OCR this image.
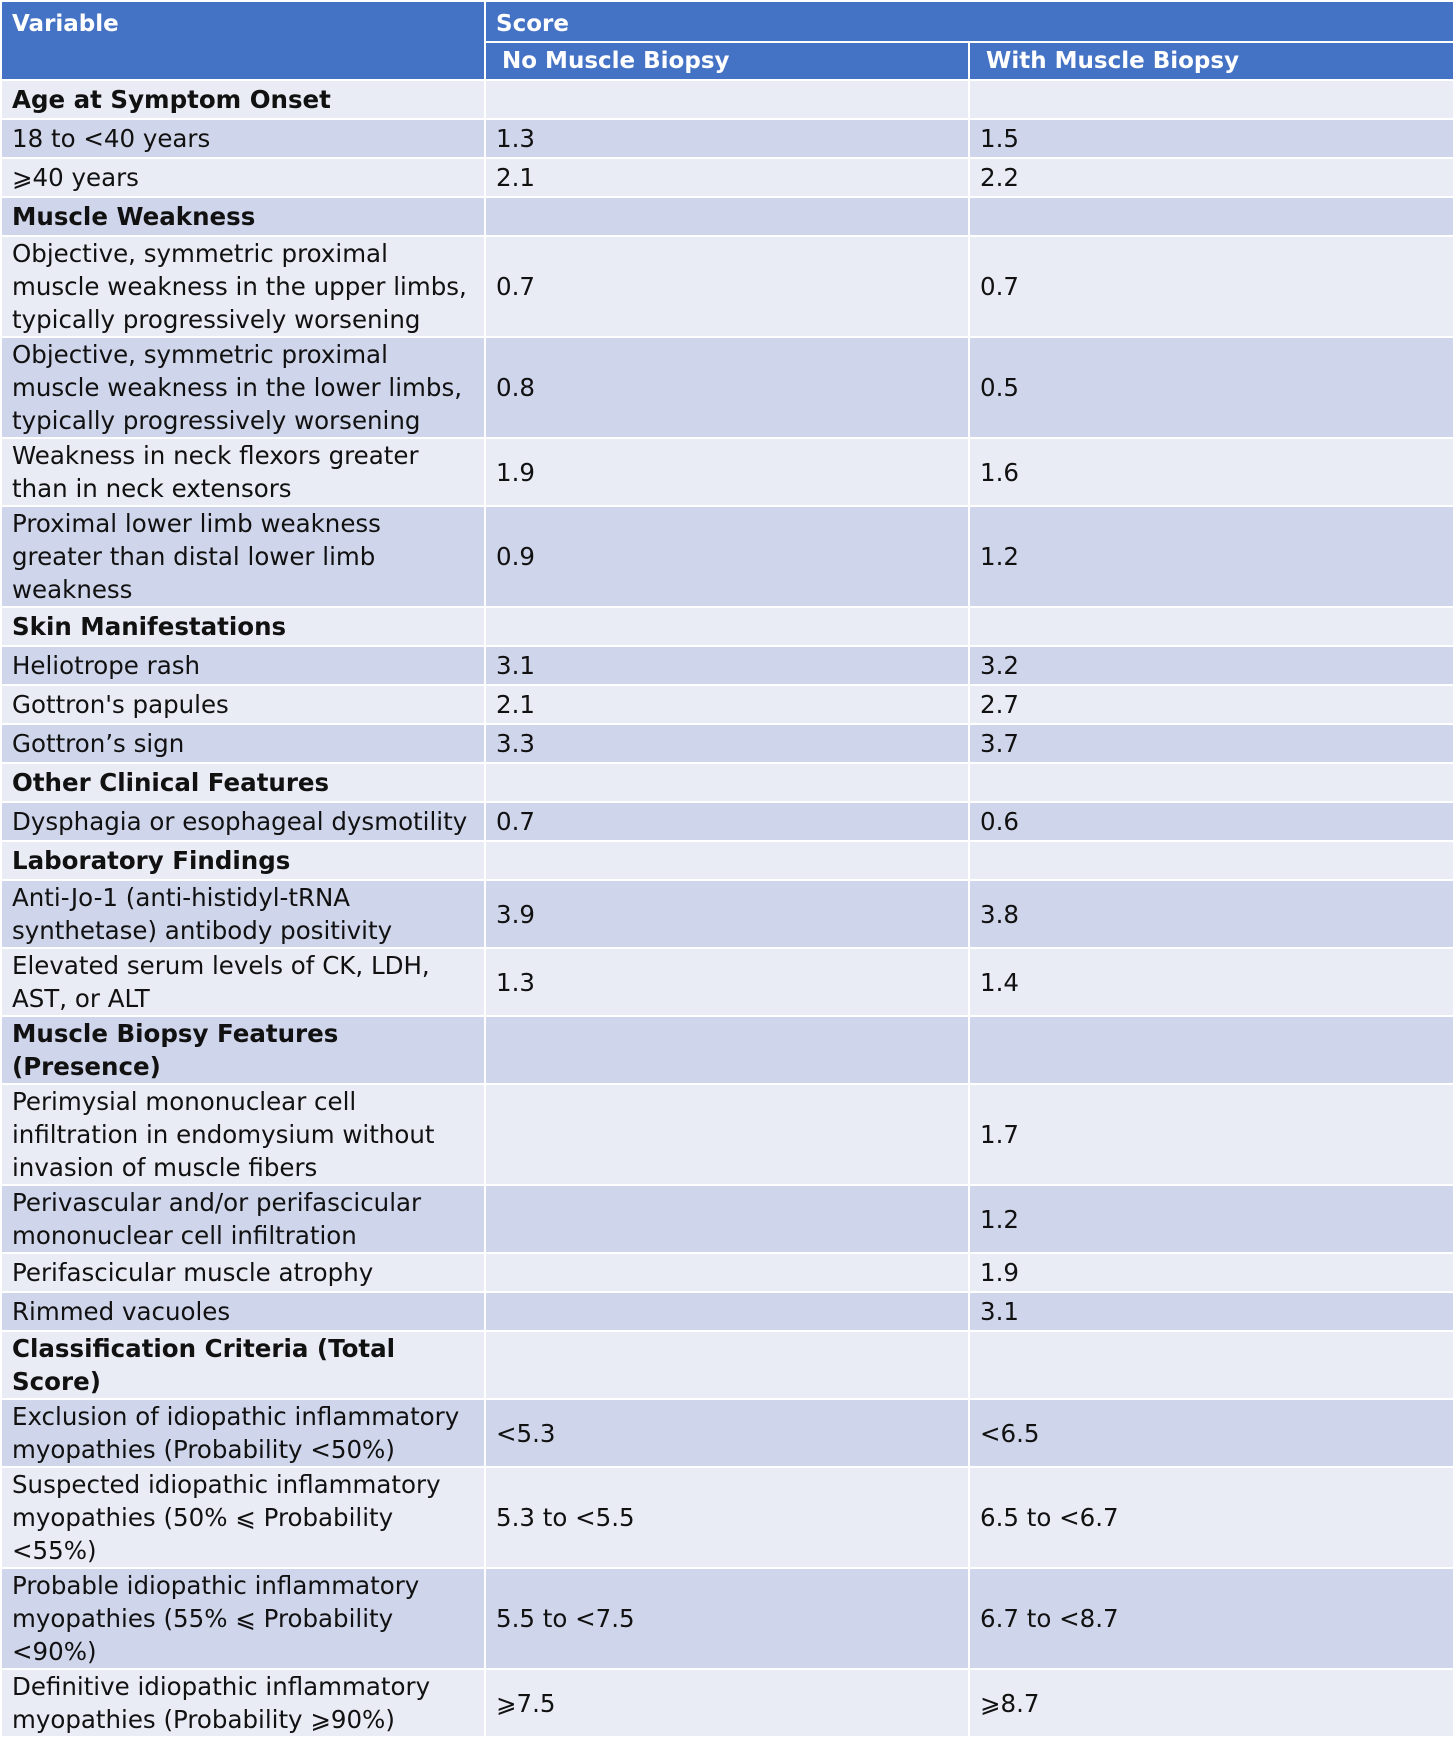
Variable	Score	
	No Muscle Biopsy	With Muscle Biopsy
Age at Symptom Onset		
18 to <40 years	1.3	1.5
⩾40 years	2.1	2.2
Muscle Weakness		
Objective, symmetric proximal muscle weakness in the upper limbs, typically progressively worsening	0.7	0.7
Objective, symmetric proximal muscle weakness in the lower limbs, typically progressively worsening	0.8	0.5
Weakness in neck flexors greater than in neck extensors	1.9	1.6
Proximal lower limb weakness greater than distal lower limb weakness	0.9	1.2
Skin Manifestations		
Heliotrope rash	3.1	3.2
Gottron's papules	2.1	2.7
Gottron’s sign	3.3	3.7
Other Clinical Features		
Dysphagia or esophageal dysmotility	0.7	0.6
Laboratory Findings		
Anti-Jo-1 (anti-histidyl-tRNA synthetase) antibody positivity	3.9	3.8
Elevated serum levels of CK, LDH, AST, or ALT	1.3	1.4
Muscle Biopsy Features (Presence)		
Perimysial mononuclear cell infiltration in endomysium without invasion of muscle fibers		1.7
Perivascular and/or perifascicular mononuclear cell infiltration		1.2
Perifascicular muscle atrophy		1.9
Rimmed vacuoles		3.1
Classification Criteria (Total Score)		
Exclusion of idiopathic inflammatory myopathies (Probability <50%)	<5.3	<6.5
Suspected idiopathic inflammatory myopathies (50% ⩽ Probability <55%)	5.3 to <5.5	6.5 to <6.7
Probable idiopathic inflammatory myopathies (55% ⩽ Probability <90%)	5.5 to <7.5	6.7 to <8.7
Definitive idiopathic inflammatory myopathies (Probability ⩾90%)	⩾7.5	⩾8.7
